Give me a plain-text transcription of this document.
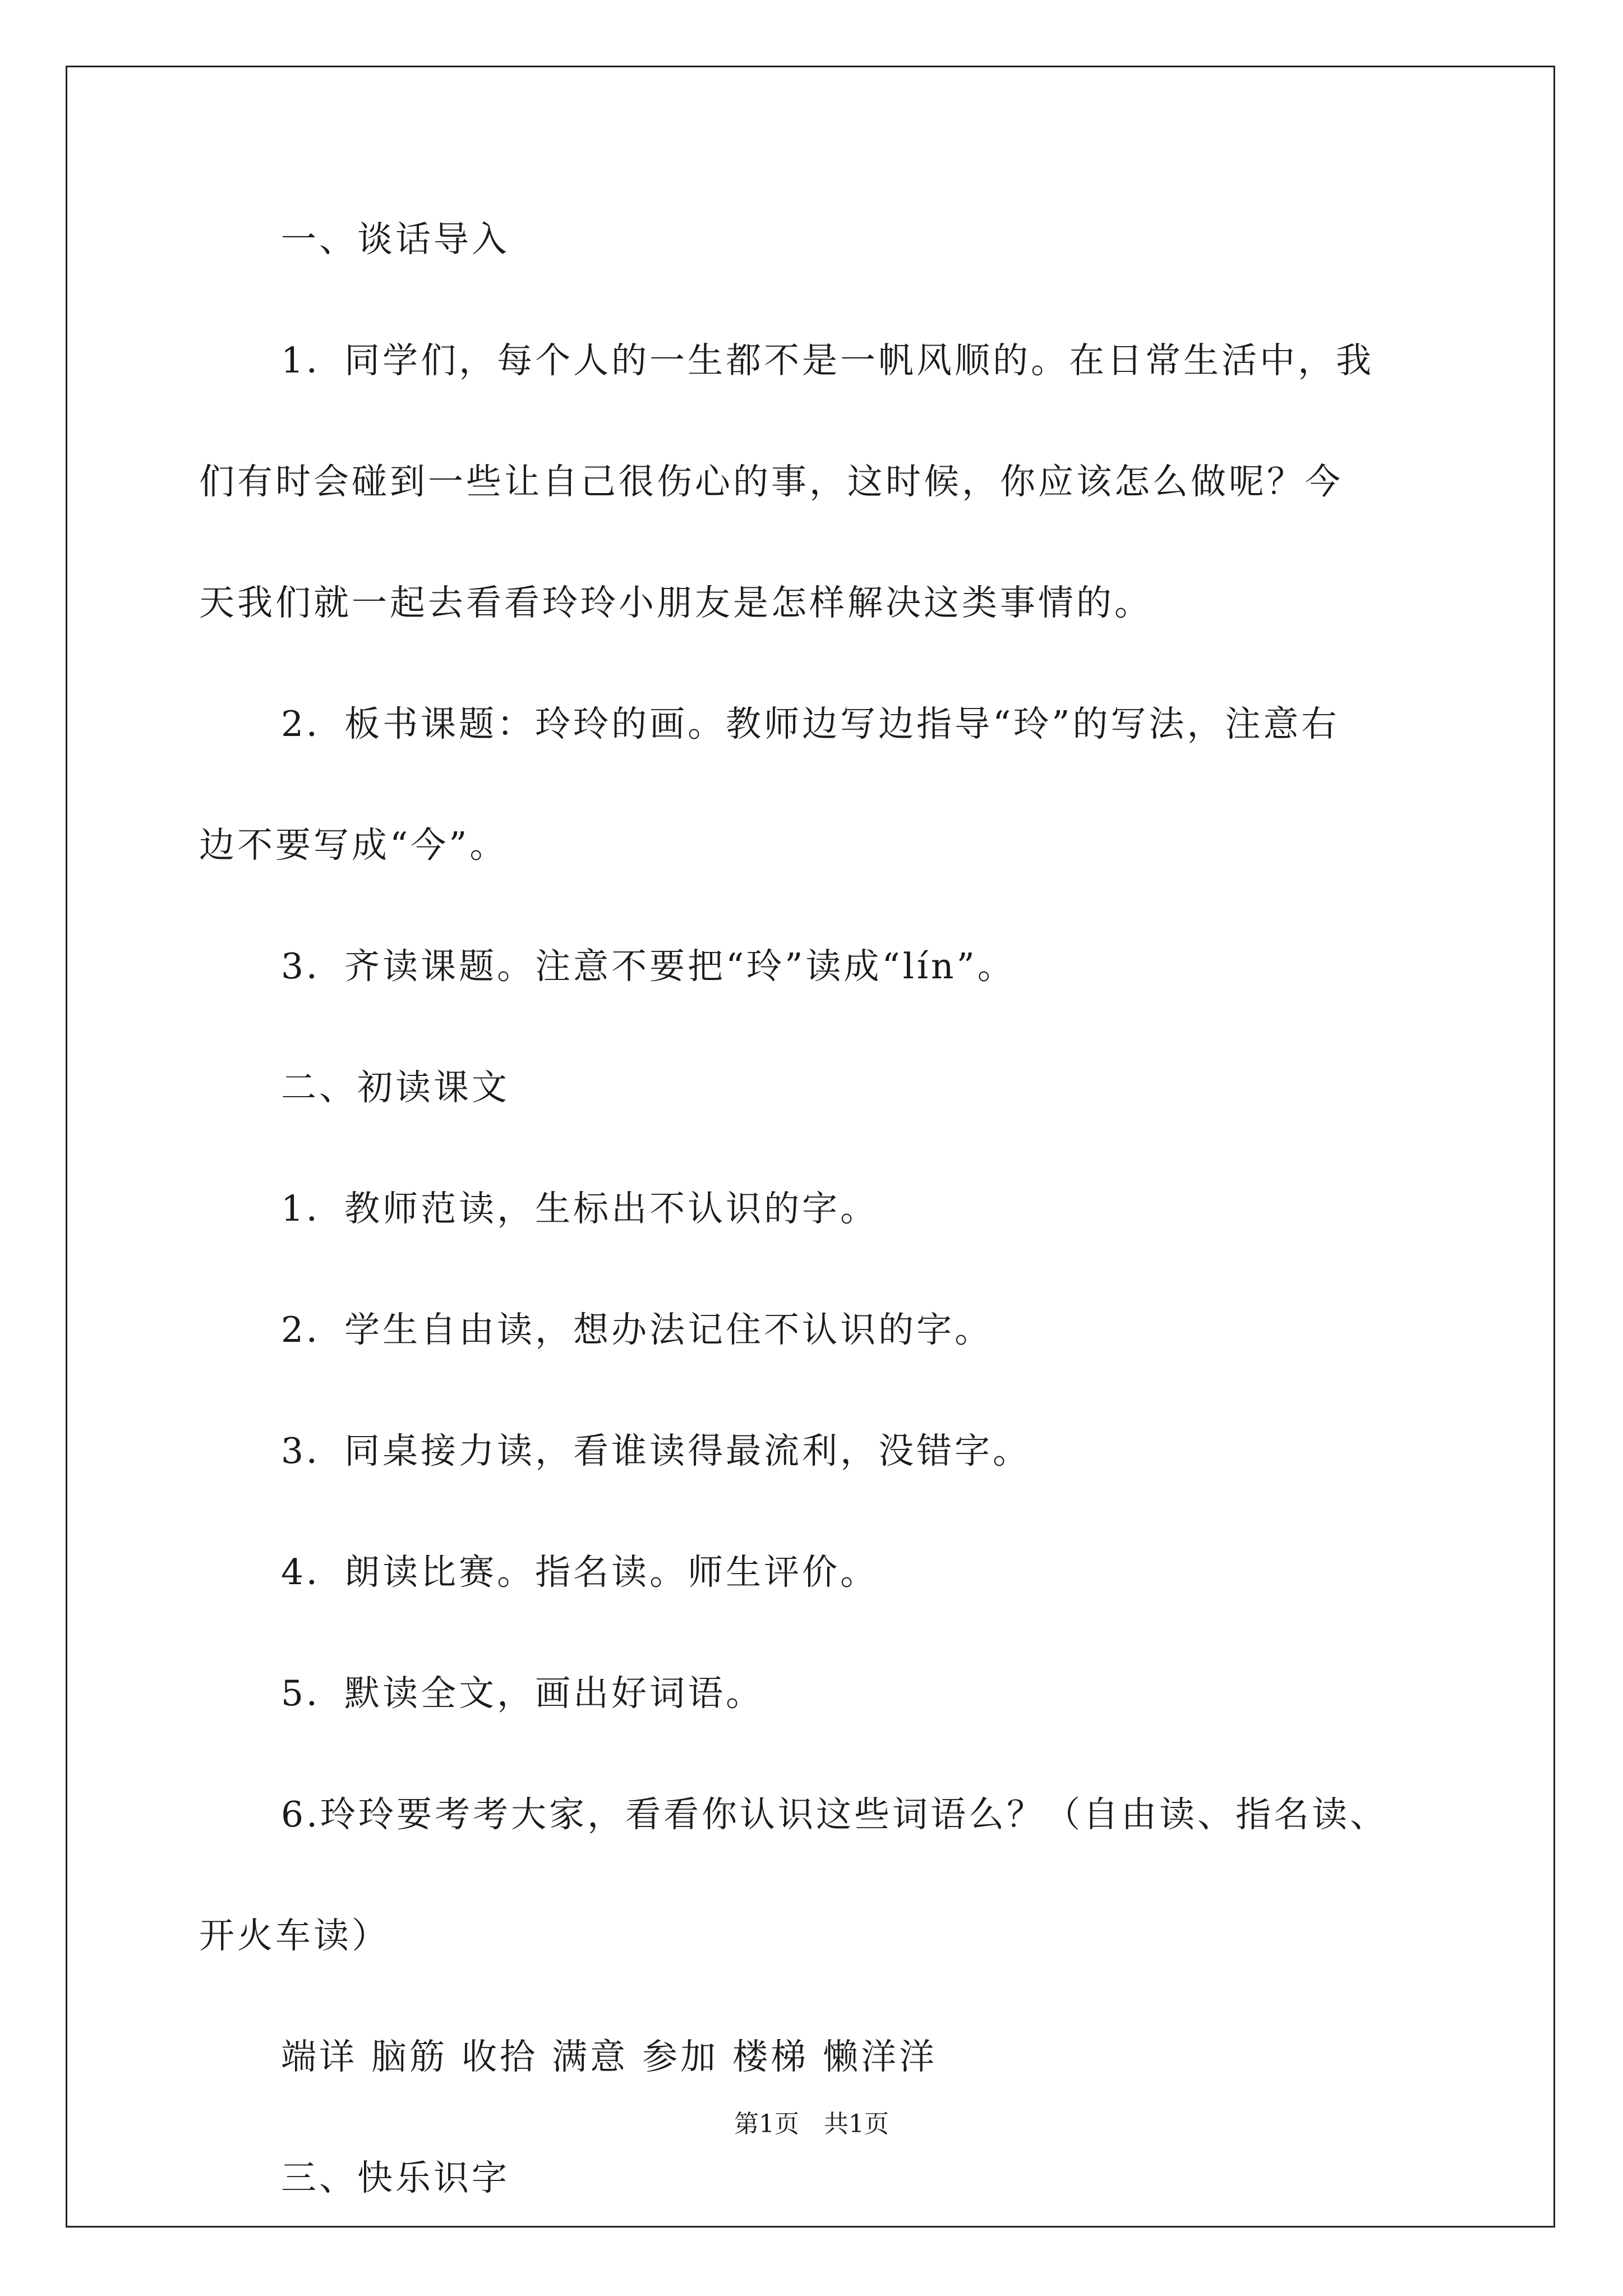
一、谈话导入
1．同学们，每个人的一生都不是一帆风顺的。在日常生活中，我
们有时会碰到一些让自己很伤心的事，这时候，你应该怎么做呢？今
天我们就一起去看看玲玲小朋友是怎样解决这类事情的。
2．板书课题：玲玲的画。教师边写边指导“玲”的写法，注意右
边不要写成“今”。
3．齐读课题。注意不要把“玲”读成“lín”。
二、初读课文
1．教师范读，生标出不认识的字。
2．学生自由读，想办法记住不认识的字。
3．同桌接力读，看谁读得最流利，没错字。
4．朗读比赛。指名读。师生评价。
5．默读全文，画出好词语。
6.玲玲要考考大家，看看你认识这些词语么？（自由读、指名读、
开火车读）
端详 脑筋 收拾 满意 参加 楼梯 懒洋洋
三、快乐识字
第1页　共1页
